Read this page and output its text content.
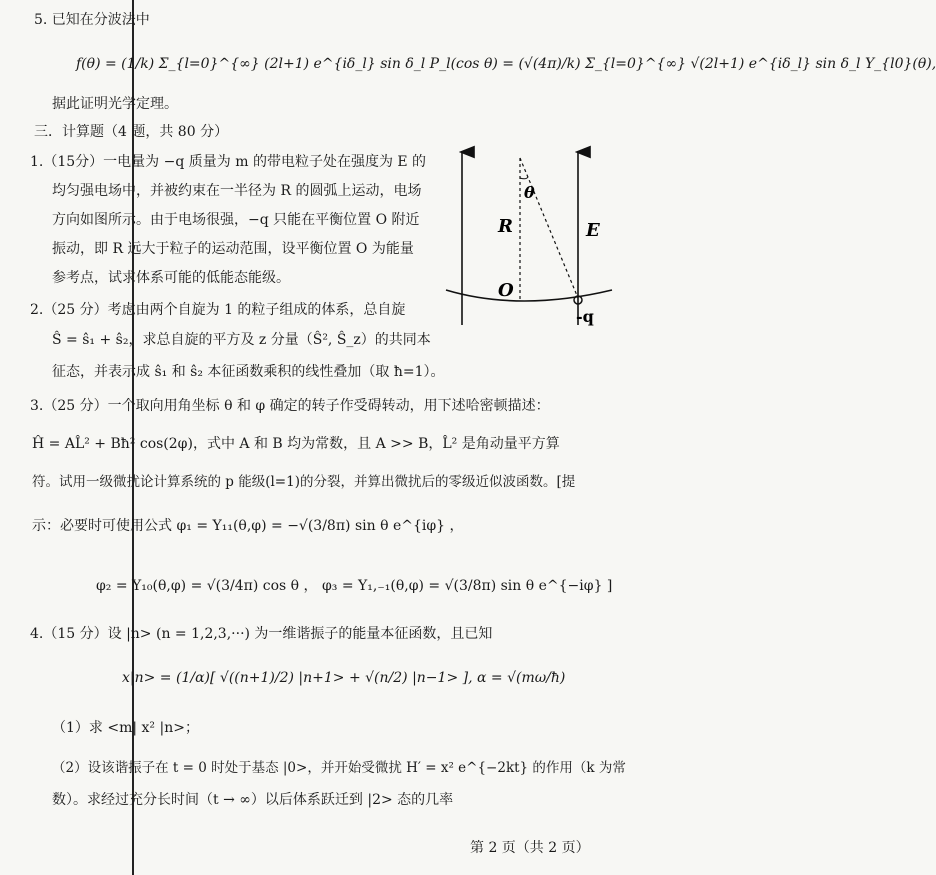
5. 已知在分波法中
f(θ) = (1/k) Σ_{l=0}^{∞} (2l+1) e^{iδ_l} sin δ_l P_l(cos θ) = (√(4π)/k) Σ_{l=0}^{∞} √(2l+1) e^{iδ_l} sin δ_l Y_{l0}(θ),
据此证明光学定理。
三．计算题（4 题，共 80 分）
1.（15分）一电量为 −q 质量为 m 的带电粒子处在强度为 E 的
均匀强电场中，并被约束在一半径为 R 的圆弧上运动，电场
方向如图所示。由于电场很强，−q 只能在平衡位置 O 附近
振动，即 R 远大于粒子的运动范围，设平衡位置 O 为能量
参考点，试求体系可能的低能态能级。
θ
R	E
O
-q
2.（25 分）考虑由两个自旋为 1 的粒子组成的体系，总自旋
Ŝ = ŝ₁ + ŝ₂，求总自旋的平方及 z 分量（Ŝ², Ŝ_z）的共同本
征态，并表示成 ŝ₁ 和 ŝ₂ 本征函数乘积的线性叠加（取 ħ=1）。
3.（25 分）一个取向用角坐标 θ 和 φ 确定的转子作受碍转动，用下述哈密顿描述：
Ĥ = AL̂² + Bħ² cos(2φ)，式中 A 和 B 均为常数，且 A >> B，L̂² 是角动量平方算
符。试用一级微扰论计算系统的 p 能级(l=1)的分裂，并算出微扰后的零级近似波函数。[提
示：必要时可使用公式 φ₁ = Y₁₁(θ,φ) = −√(3/8π) sin θ e^{iφ} ，
φ₂ = Y₁₀(θ,φ) = √(3/4π) cos θ ， φ₃ = Y₁,₋₁(θ,φ) = √(3/8π) sin θ e^{−iφ} ]
4.（15 分）设 |n> (n = 1,2,3,···) 为一维谐振子的能量本征函数，且已知
x|n> = (1/α)[ √((n+1)/2) |n+1> + √(n/2) |n−1> ], α = √(mω/ħ)
（1）求 <m| x² |n>；
（2）设该谐振子在 t = 0 时处于基态 |0>，并开始受微扰 H′ = x² e^{−2kt} 的作用（k 为常
数）。求经过充分长时间（t → ∞）以后体系跃迁到 |2> 态的几率
第 2 页（共 2 页）
